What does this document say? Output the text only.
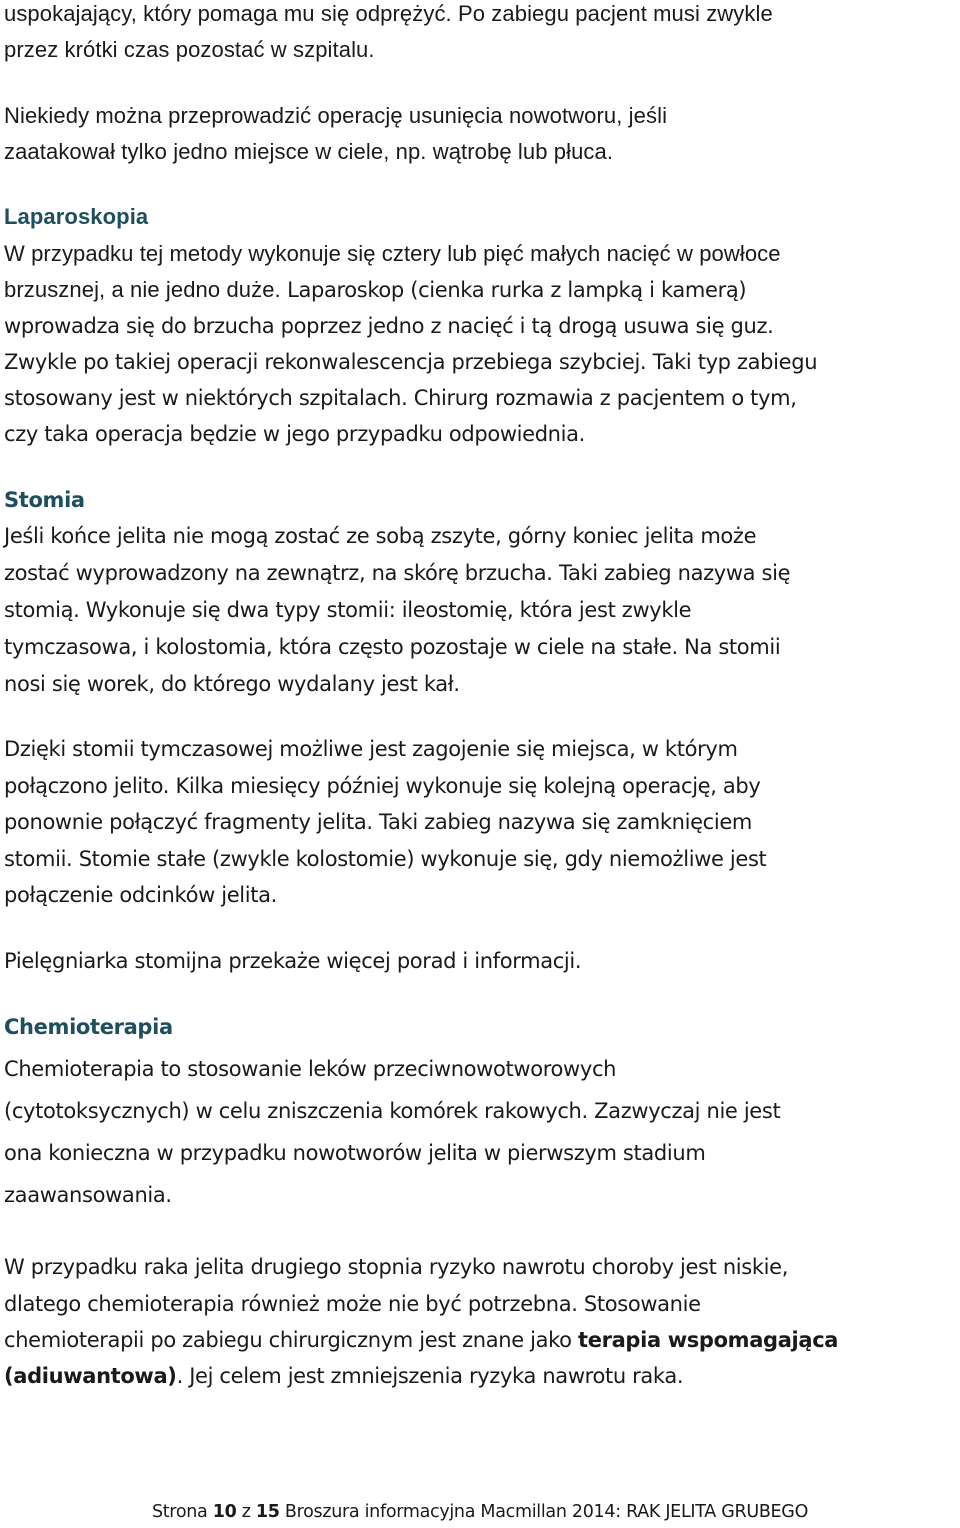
uspokajający, który pomaga mu się odprężyć. Po zabiegu pacjent musi zwykle
przez krótki czas pozostać w szpitalu.
Niekiedy można przeprowadzić operację usunięcia nowotworu, jeśli
zaatakował tylko jedno miejsce w ciele, np. wątrobę lub płuca.
Laparoskopia
W przypadku tej metody wykonuje się cztery lub pięć małych nacięć w powłoce
brzusznej, a nie jedno duże. Laparoskop (cienka rurka z lampką i kamerą)
wprowadza się do brzucha poprzez jedno z nacięć i tą drogą usuwa się guz.
Zwykle po takiej operacji rekonwalescencja przebiega szybciej. Taki typ zabiegu
stosowany jest w niektórych szpitalach. Chirurg rozmawia z pacjentem o tym,
czy taka operacja będzie w jego przypadku odpowiednia.
Stomia
Jeśli końce jelita nie mogą zostać ze sobą zszyte, górny koniec jelita może
zostać wyprowadzony na zewnątrz, na skórę brzucha. Taki zabieg nazywa się
stomią. Wykonuje się dwa typy stomii: ileostomię, która jest zwykle
tymczasowa, i kolostomia, która często pozostaje w ciele na stałe. Na stomii
nosi się worek, do którego wydalany jest kał.
Dzięki stomii tymczasowej możliwe jest zagojenie się miejsca, w którym
połączono jelito. Kilka miesięcy później wykonuje się kolejną operację, aby
ponownie połączyć fragmenty jelita. Taki zabieg nazywa się zamknięciem
stomii. Stomie stałe (zwykle kolostomie) wykonuje się, gdy niemożliwe jest
połączenie odcinków jelita.
Pielęgniarka stomijna przekaże więcej porad i informacji.
Chemioterapia
Chemioterapia to stosowanie leków przeciwnowotworowych
(cytotoksycznych) w celu zniszczenia komórek rakowych. Zazwyczaj nie jest
ona konieczna w przypadku nowotworów jelita w pierwszym stadium
zaawansowania.
W przypadku raka jelita drugiego stopnia ryzyko nawrotu choroby jest niskie,
dlatego chemioterapia również może nie być potrzebna. Stosowanie
chemioterapii po zabiegu chirurgicznym jest znane jako terapia wspomagająca
(adiuwantowa). Jej celem jest zmniejszenia ryzyka nawrotu raka.
Strona 10 z 15 Broszura informacyjna Macmillan 2014: RAK JELITA GRUBEGO
